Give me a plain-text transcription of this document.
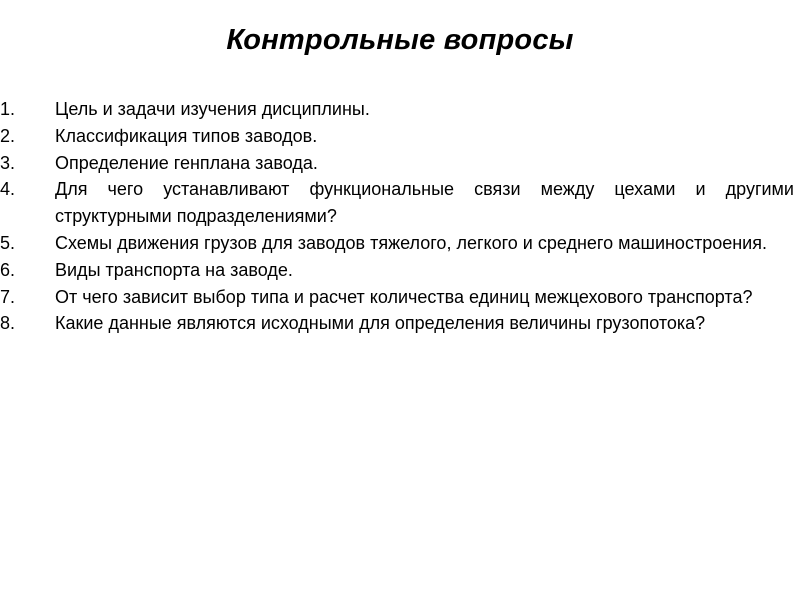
Контрольные вопросы
1.	Цель и задачи изучения дисциплины.
2.	Классификация типов заводов.
3.	Определение генплана завода.
4.	Для чего устанавливают функциональные связи между цехами и другими структурными подразделениями?
5.	Схемы движения грузов для заводов тяжелого, легкого и среднего машиностроения.
6.	Виды транспорта на заводе.
7.	От чего зависит выбор типа и расчет количества единиц межцехового транспорта?
8.	Какие данные являются исходными для определения величины грузопотока?
